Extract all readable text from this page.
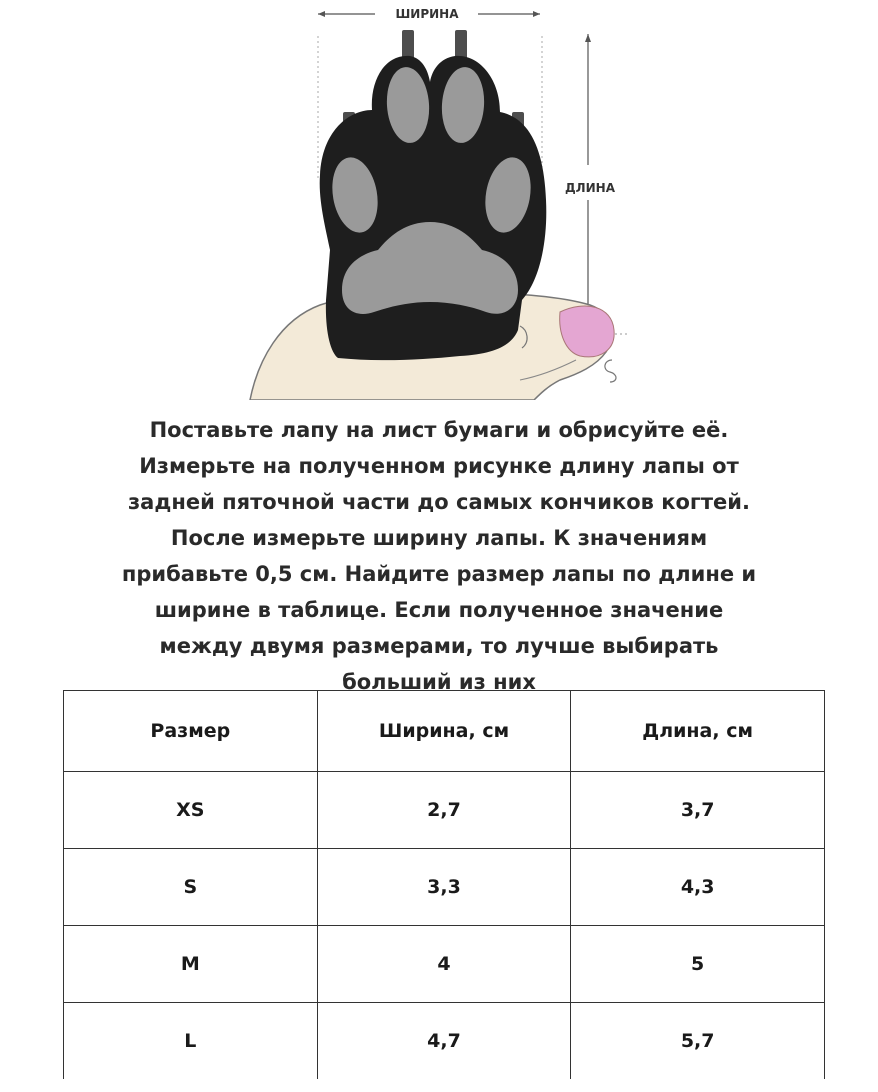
ШИРИНА
ДЛИНА
Поставьте лапу на лист бумаги и обрисуйте её.
Измерьте на полученном рисунке длину лапы от
задней пяточной части до самых кончиков когтей.
После измерьте ширину лапы. К значениям
прибавьте 0,5 см. Найдите размер лапы по длине и
ширине в таблице. Если полученное значение
между двумя размерами, то лучше выбирать
больший из них
Размер	Ширина, см	Длина, см
XS	2,7	3,7
S	3,3	4,3
M	4	5
L	4,7	5,7
